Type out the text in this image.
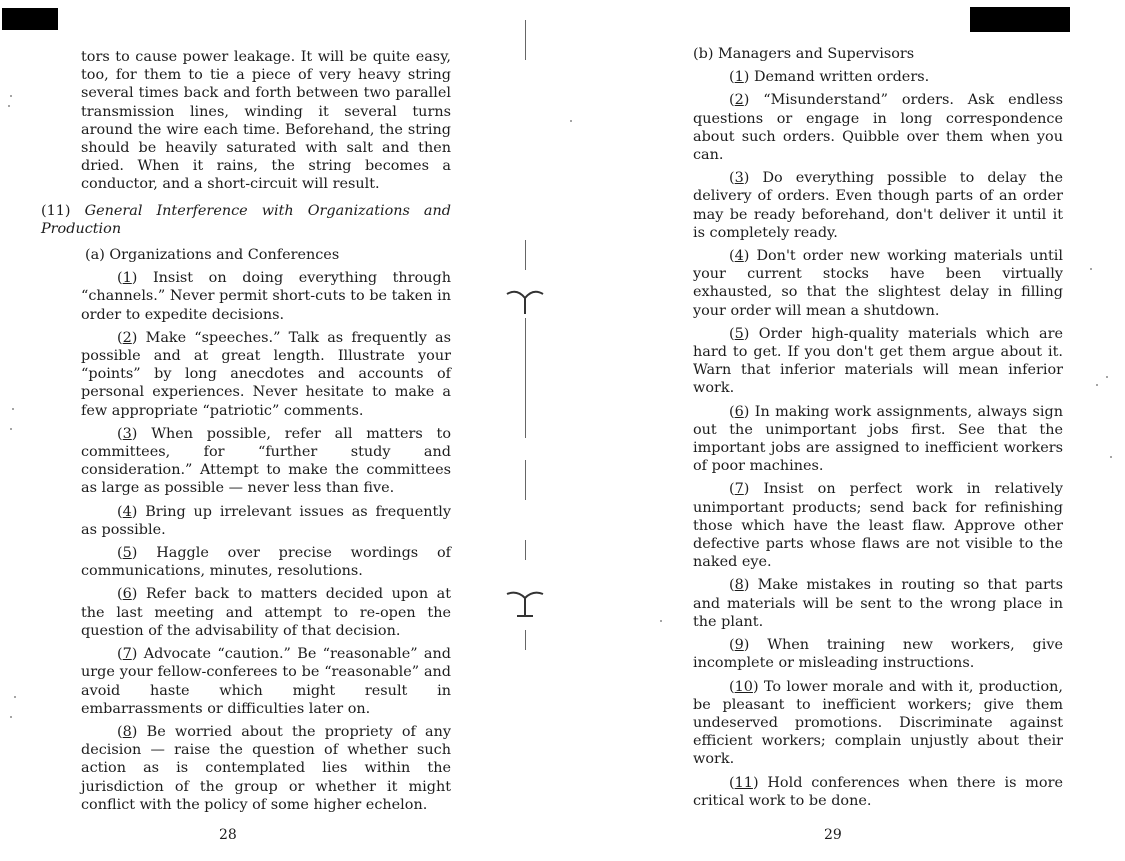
tors to cause power leakage. It will be quite easy, too, for them to tie a piece of very heavy string several times back and forth between two parallel transmission lines, winding it several turns around the wire each time. Beforehand, the string should be heavily saturated with salt and then dried. When it rains, the string becomes a conductor, and a short-circuit will result.

(11) General Interference with Organizations and Production

(a) Organizations and Conferences

(1) Insist on doing everything through “channels.” Never permit short-cuts to be taken in order to expedite decisions.

(2) Make “speeches.” Talk as frequently as possible and at great length. Illustrate your “points” by long anecdotes and accounts of personal experiences. Never hesitate to make a few appropriate “patriotic” comments.

(3) When possible, refer all matters to committees, for “further study and consideration.” Attempt to make the committees as large as possible — never less than five.

(4) Bring up irrelevant issues as frequently as possible.

(5) Haggle over precise wordings of communications, minutes, resolutions.

(6) Refer back to matters decided upon at the last meeting and attempt to re-open the question of the advisability of that decision.

(7) Advocate “caution.” Be “reasonable” and urge your fellow-conferees to be “reasonable” and avoid haste which might result in embarrassments or difficulties later on.

(8) Be worried about the propriety of any decision — raise the question of whether such action as is contemplated lies within the jurisdiction of the group or whether it might conflict with the policy of some higher echelon.

28

(b) Managers and Supervisors

(1) Demand written orders.

(2) “Misunderstand” orders. Ask endless questions or engage in long correspondence about such orders. Quibble over them when you can.

(3) Do everything possible to delay the delivery of orders. Even though parts of an order may be ready beforehand, don't deliver it until it is completely ready.

(4) Don't order new working materials until your current stocks have been virtually exhausted, so that the slightest delay in filling your order will mean a shutdown.

(5) Order high-quality materials which are hard to get. If you don't get them argue about it. Warn that inferior materials will mean inferior work.

(6) In making work assignments, always sign out the unimportant jobs first. See that the important jobs are assigned to inefficient workers of poor machines.

(7) Insist on perfect work in relatively unimportant products; send back for refinishing those which have the least flaw. Approve other defective parts whose flaws are not visible to the naked eye.

(8) Make mistakes in routing so that parts and materials will be sent to the wrong place in the plant.

(9) When training new workers, give incomplete or misleading instructions.

(10) To lower morale and with it, production, be pleasant to inefficient workers; give them undeserved promotions. Discriminate against efficient workers; complain unjustly about their work.

(11) Hold conferences when there is more critical work to be done.

29
